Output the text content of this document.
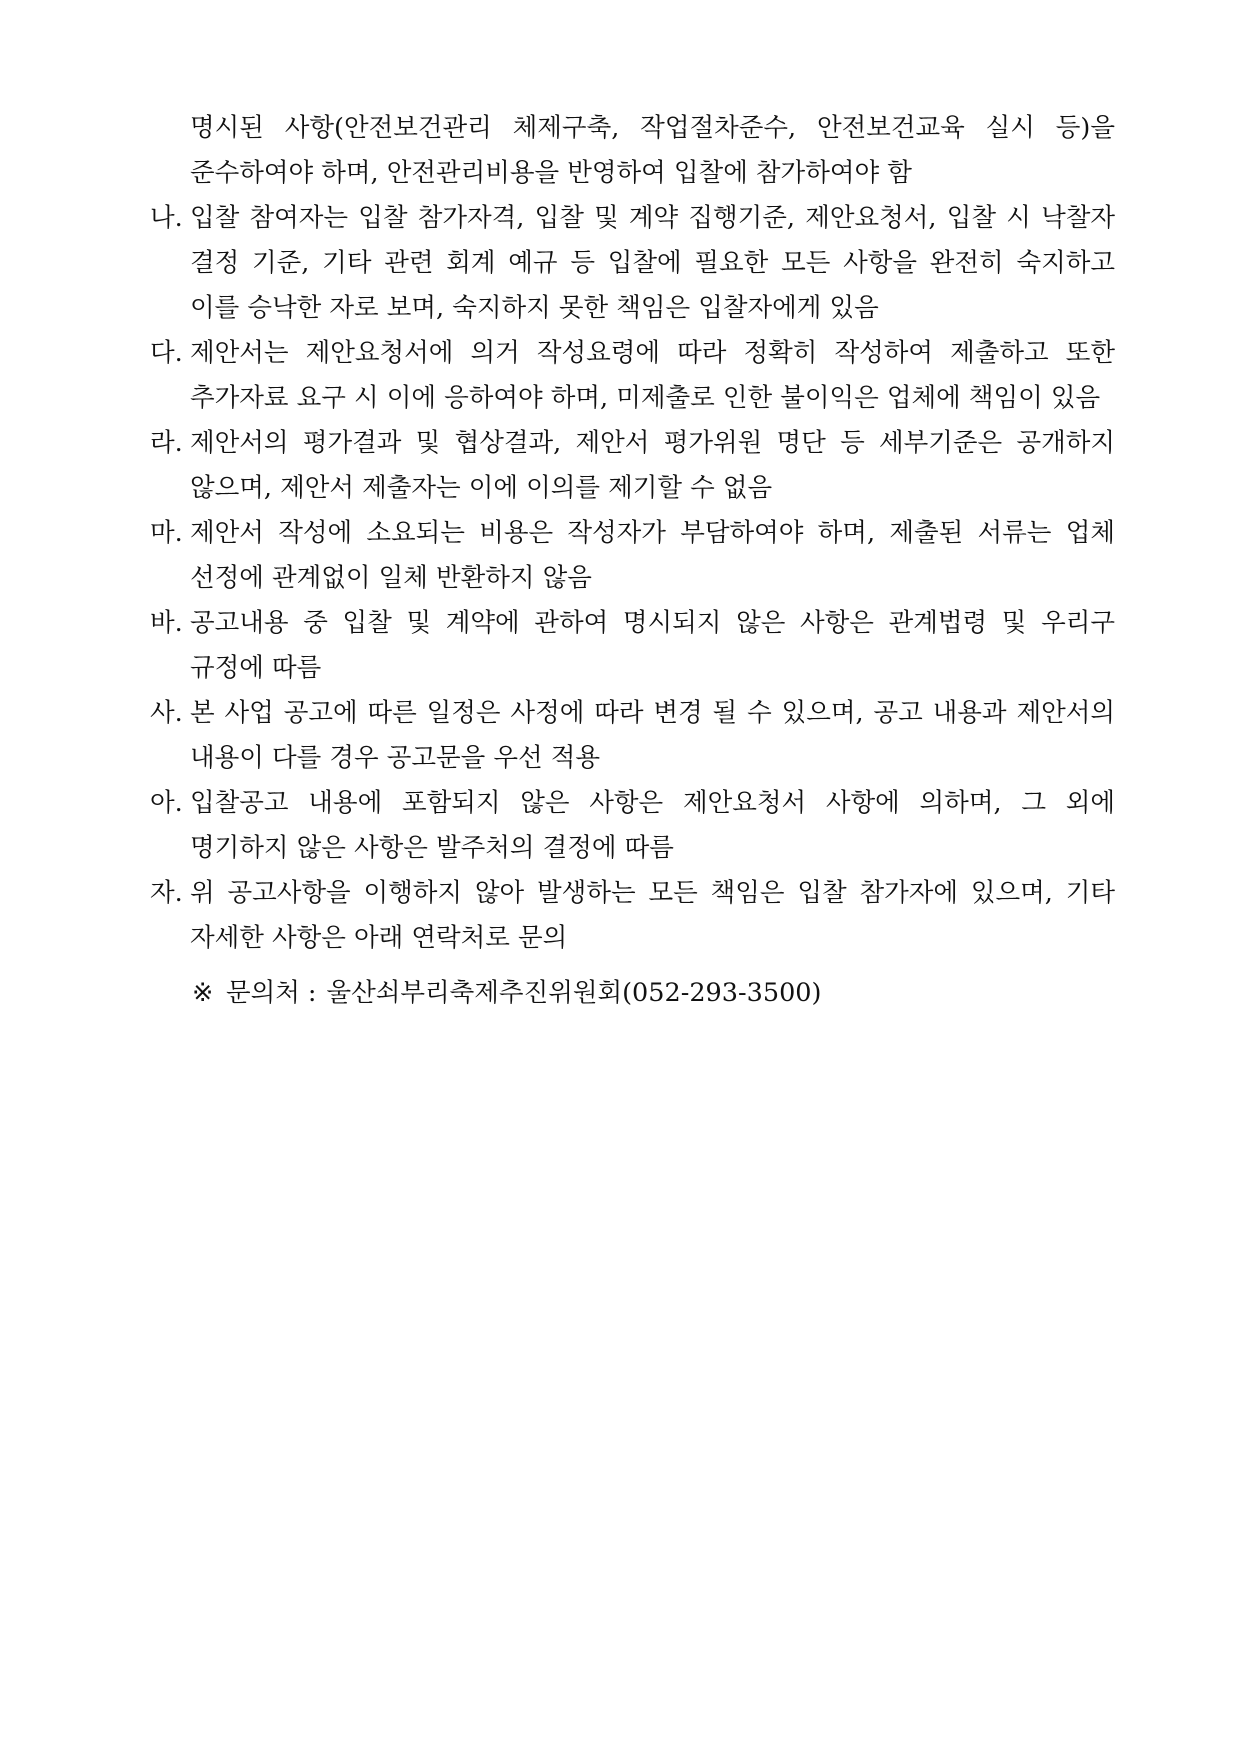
명시된 사항(안전보건관리 체제구축, 작업절차준수, 안전보건교육 실시 등)을 준수하여야 하며, 안전관리비용을 반영하여 입찰에 참가하여야 함
나. 입찰 참여자는 입찰 참가자격, 입찰 및 계약 집행기준, 제안요청서, 입찰 시 낙찰자 결정 기준, 기타 관련 회계 예규 등 입찰에 필요한 모든 사항을 완전히 숙지하고 이를 승낙한 자로 보며, 숙지하지 못한 책임은 입찰자에게 있음
다. 제안서는 제안요청서에 의거 작성요령에 따라 정확히 작성하여 제출하고 또한 추가자료 요구 시 이에 응하여야 하며, 미제출로 인한 불이익은 업체에 책임이 있음
라. 제안서의 평가결과 및 협상결과, 제안서 평가위원 명단 등 세부기준은 공개하지 않으며, 제안서 제출자는 이에 이의를 제기할 수 없음
마. 제안서 작성에 소요되는 비용은 작성자가 부담하여야 하며, 제출된 서류는 업체 선정에 관계없이 일체 반환하지 않음
바. 공고내용 중 입찰 및 계약에 관하여 명시되지 않은 사항은 관계법령 및 우리구 규정에 따름
사. 본 사업 공고에 따른 일정은 사정에 따라 변경 될 수 있으며, 공고 내용과 제안서의 내용이 다를 경우 공고문을 우선 적용
아. 입찰공고 내용에 포함되지 않은 사항은 제안요청서 사항에 의하며, 그 외에 명기하지 않은 사항은 발주처의 결정에 따름
자. 위 공고사항을 이행하지 않아 발생하는 모든 책임은 입찰 참가자에 있으며, 기타 자세한 사항은 아래 연락처로 문의
※ 문의처 : 울산쇠부리축제추진위원회(052-293-3500)
